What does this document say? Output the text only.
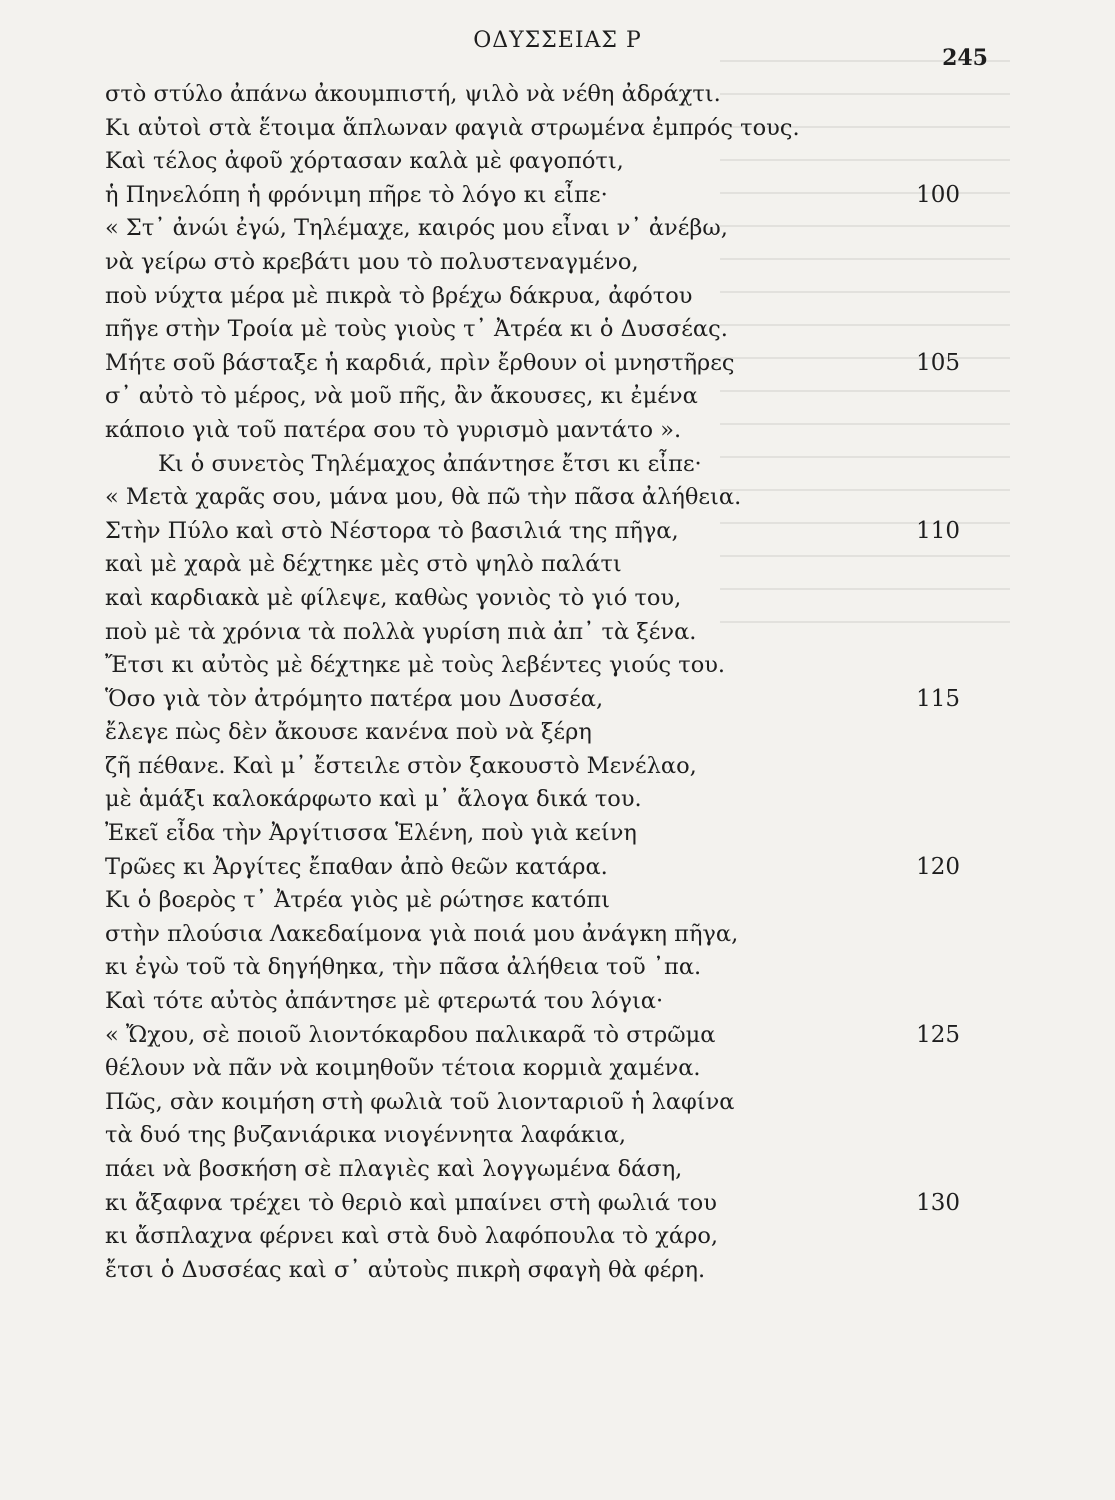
ΟΔΥΣΣΕΙΑΣ Ρ
245
στὸ στύλο ἀπάνω ἀκουμπιστή, ψιλὸ νὰ νέθη ἀδράχτι.
Κι αὐτοὶ στὰ ἕτοιμα ἅπλωναν φαγιὰ στρωμένα ἐμπρός τους.
Καὶ τέλος ἀφοῦ χόρτασαν καλὰ μὲ φαγοπότι,
ἡ Πηνελόπη ἡ φρόνιμη πῆρε τὸ λόγο κι εἶπε·	100
« Στ᾽ ἀνώι ἐγώ, Τηλέμαχε, καιρός μου εἶναι ν᾽ ἀνέβω,
νὰ γείρω στὸ κρεβάτι μου τὸ πολυστεναγμένο,
ποὺ νύχτα μέρα μὲ πικρὰ τὸ βρέχω δάκρυα, ἀφότου
πῆγε στὴν Τροία μὲ τοὺς γιοὺς τ᾽ Ἀτρέα κι ὁ Δυσσέας.
Μήτε σοῦ βάσταξε ἡ καρδιά, πρὶν ἔρθουν οἱ μνηστῆρες	105
σ᾽ αὐτὸ τὸ μέρος, νὰ μοῦ πῆς, ἂν ἄκουσες, κι ἐμένα
κάποιο γιὰ τοῦ πατέρα σου τὸ γυρισμὸ μαντάτο ».
Κι ὁ συνετὸς Τηλέμαχος ἀπάντησε ἔτσι κι εἶπε·
« Μετὰ χαρᾶς σου, μάνα μου, θὰ πῶ τὴν πᾶσα ἀλήθεια.
Στὴν Πύλο καὶ στὸ Νέστορα τὸ βασιλιά της πῆγα,	110
καὶ μὲ χαρὰ μὲ δέχτηκε μὲς στὸ ψηλὸ παλάτι
καὶ καρδιακὰ μὲ φίλεψε, καθὼς γονιὸς τὸ γιό του,
ποὺ μὲ τὰ χρόνια τὰ πολλὰ γυρίση πιὰ ἀπ᾽ τὰ ξένα.
Ἔτσι κι αὐτὸς μὲ δέχτηκε μὲ τοὺς λεβέντες γιούς του.
Ὅσο γιὰ τὸν ἀτρόμητο πατέρα μου Δυσσέα,	115
ἔλεγε πὼς δὲν ἄκουσε κανένα ποὺ νὰ ξέρη
ζῆ πέθανε. Καὶ μ᾽ ἔστειλε στὸν ξακουστὸ Μενέλαο,
μὲ ἁμάξι καλοκάρφωτο καὶ μ᾽ ἄλογα δικά του.
Ἐκεῖ εἶδα τὴν Ἀργίτισσα Ἑλένη, ποὺ γιὰ κείνη
Τρῶες κι Ἀργίτες ἔπαθαν ἀπὸ θεῶν κατάρα.	120
Κι ὁ βοερὸς τ᾽ Ἀτρέα γιὸς μὲ ρώτησε κατόπι
στὴν πλούσια Λακεδαίμονα γιὰ ποιά μου ἀνάγκη πῆγα,
κι ἐγὼ τοῦ τὰ δηγήθηκα, τὴν πᾶσα ἀλήθεια τοῦ ᾽πα.
Καὶ τότε αὐτὸς ἀπάντησε μὲ φτερωτά του λόγια·
« Ὤχου, σὲ ποιοῦ λιοντόκαρδου παλικαρᾶ τὸ στρῶμα	125
θέλουν νὰ πᾶν νὰ κοιμηθοῦν τέτοια κορμιὰ χαμένα.
Πῶς, σὰν κοιμήση στὴ φωλιὰ τοῦ λιονταριοῦ ἡ λαφίνα
τὰ δυό της βυζανιάρικα νιογέννητα λαφάκια,
πάει νὰ βοσκήση σὲ πλαγιὲς καὶ λογγωμένα δάση,
κι ἄξαφνα τρέχει τὸ θεριὸ καὶ μπαίνει στὴ φωλιά του	130
κι ἄσπλαχνα φέρνει καὶ στὰ δυὸ λαφόπουλα τὸ χάρο,
ἔτσι ὁ Δυσσέας καὶ σ᾽ αὐτοὺς πικρὴ σφαγὴ θὰ φέρη.
